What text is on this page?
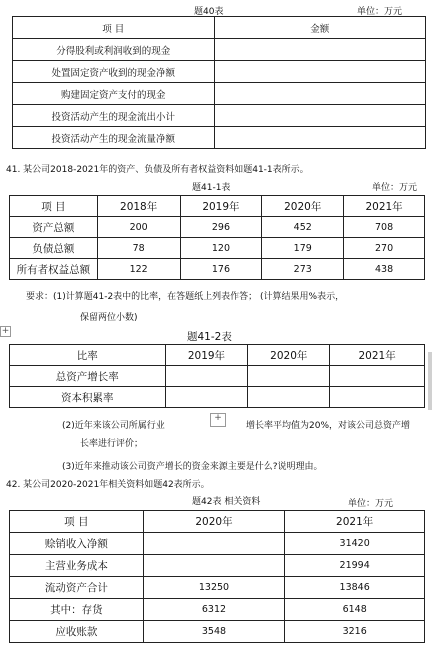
题40表	单位：万元
项 目	金额
分得股利或利润收到的现金	
处置固定资产收到的现金净额	
购建固定资产支付的现金	
投资活动产生的现金流出小计	
投资活动产生的现金流量净额	
41. 某公司2018-2021年的资产、负债及所有者权益资料如题41-1表所示。
题41-1表	单位：万元
项 目	2018年	2019年	2020年	2021年
资产总额	200	296	452	708
负债总额	78	120	179	270
所有者权益总额	122	176	273	438
要求：(1)计算题41-2表中的比率，在答题纸上列表作答； (计算结果用%表示，
保留两位小数)
+	题41-2表
比率	2019年	2020年	2021年
总资产增长率			
资本积累率			
(2)近年来该公司所属行业
+
增长率平均值为20%，对该公司总资产增
长率进行评价；
(3)近年来推动该公司资产增长的资金来源主要是什么?说明理由。
42. 某公司2020-2021年相关资料如题42表所示。
题42表 相关资料	单位：万元
项 目	2020年	2021年
赊销收入净额		31420
主营业务成本		21994
流动资产合计	13250	13846
其中：存货	6312	6148
应收账款	3548	3216
